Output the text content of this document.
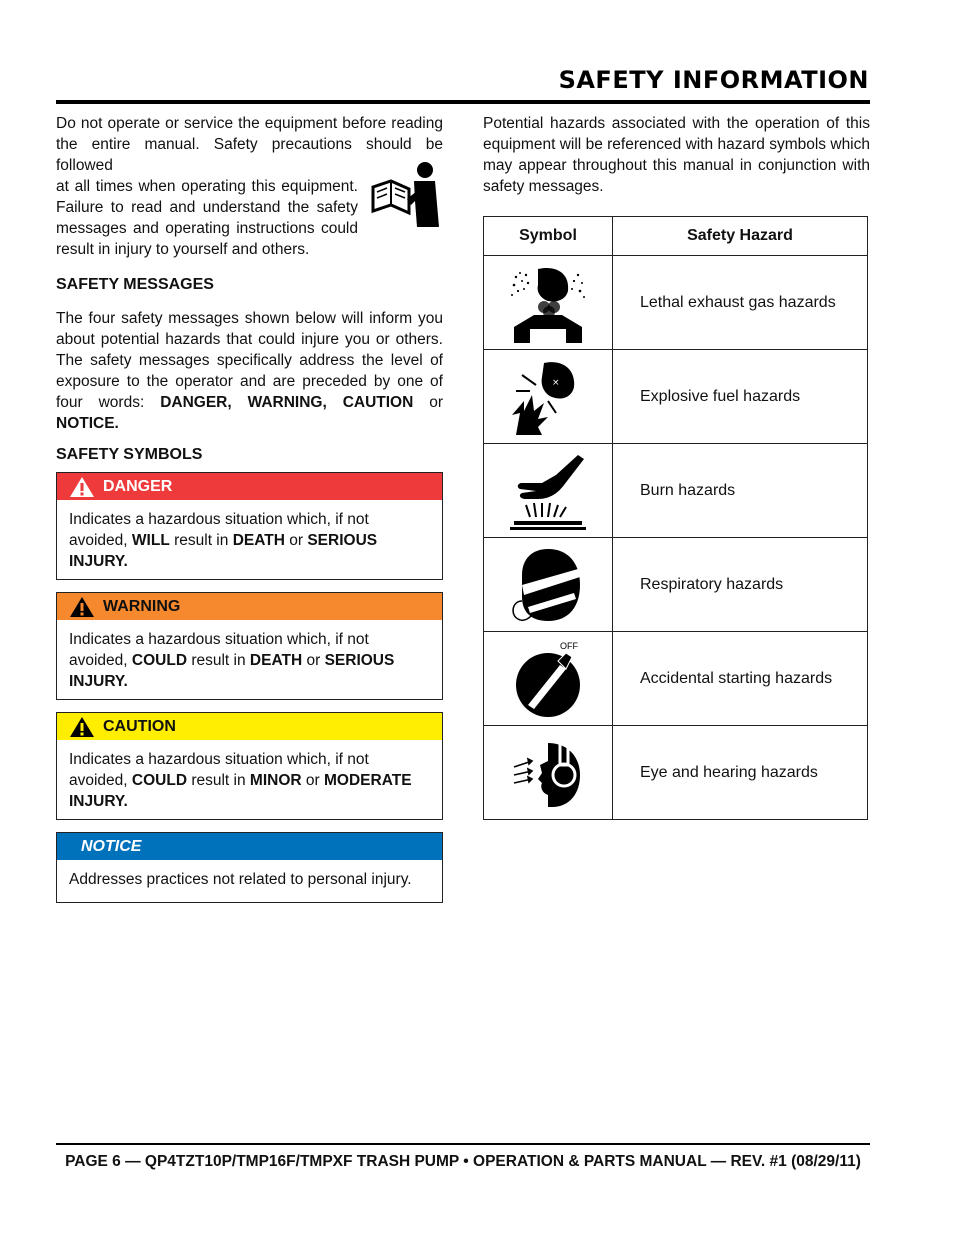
SAFETY INFORMATION
Do not operate or service the equipment before reading the entire manual. Safety precautions should be followed
at all times when operating this equipment. Failure to read and understand the safety messages and operating instructions could result in injury to yourself and others.
SAFETY MESSAGES
The four safety messages shown below will inform you about potential hazards that could injure you or others. The safety messages specifically address the level of exposure to the operator and are preceded by one of four words: DANGER, WARNING, CAUTION or NOTICE.
SAFETY SYMBOLS
DANGER
Indicates a hazardous situation which, if not avoided, WILL result in DEATH or SERIOUS INJURY.
WARNING
Indicates a hazardous situation which, if not avoided, COULD result in DEATH or SERIOUS INJURY.
CAUTION
Indicates a hazardous situation which, if not avoided, COULD result in MINOR or MODERATE INJURY.
NOTICE
Addresses practices not related to personal injury.
Potential hazards associated with the operation of this equipment will be referenced with hazard symbols which may appear throughout this manual in conjunction with safety messages.
Symbol	Safety Hazard

	Lethal exhaust gas hazards

×	Explosive fuel hazards

	Burn hazards

	Respiratory hazards

OFF	Accidental starting hazards

	Eye and hearing hazards
PAGE 6 — QP4TZT10P/TMP16F/TMPXF TRASH PUMP • OPERATION & PARTS MANUAL — REV. #1 (08/29/11)
